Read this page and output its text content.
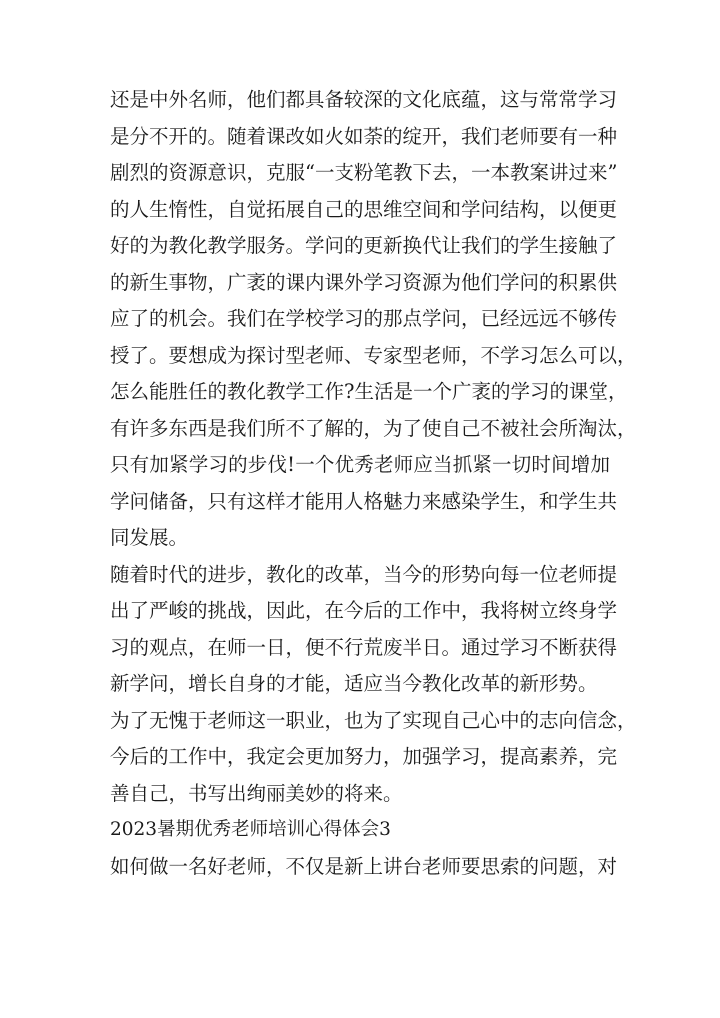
还是中外名师，他们都具备较深的文化底蕴，这与常常学习
是分不开的。随着课改如火如荼的绽开，我们老师要有一种
剧烈的资源意识，克服“一支粉笔教下去，一本教案讲过来”
的人生惰性，自觉拓展自己的思维空间和学问结构，以便更
好的为教化教学服务。学问的更新换代让我们的学生接触了
的新生事物，广袤的课内课外学习资源为他们学问的积累供
应了的机会。我们在学校学习的那点学问，已经远远不够传
授了。要想成为探讨型老师、专家型老师，不学习怎么可以，
怎么能胜任的教化教学工作?生活是一个广袤的学习的课堂，
有许多东西是我们所不了解的，为了使自己不被社会所淘汰，
只有加紧学习的步伐!一个优秀老师应当抓紧一切时间增加
学问储备，只有这样才能用人格魅力来感染学生，和学生共
同发展。
随着时代的进步，教化的改革，当今的形势向每一位老师提
出了严峻的挑战，因此，在今后的工作中，我将树立终身学
习的观点，在师一日，便不行荒废半日。通过学习不断获得
新学问，增长自身的才能，适应当今教化改革的新形势。
为了无愧于老师这一职业，也为了实现自己心中的志向信念，
今后的工作中，我定会更加努力，加强学习，提高素养，完
善自己，书写出绚丽美妙的将来。
2023暑期优秀老师培训心得体会3
如何做一名好老师，不仅是新上讲台老师要思索的问题，对
